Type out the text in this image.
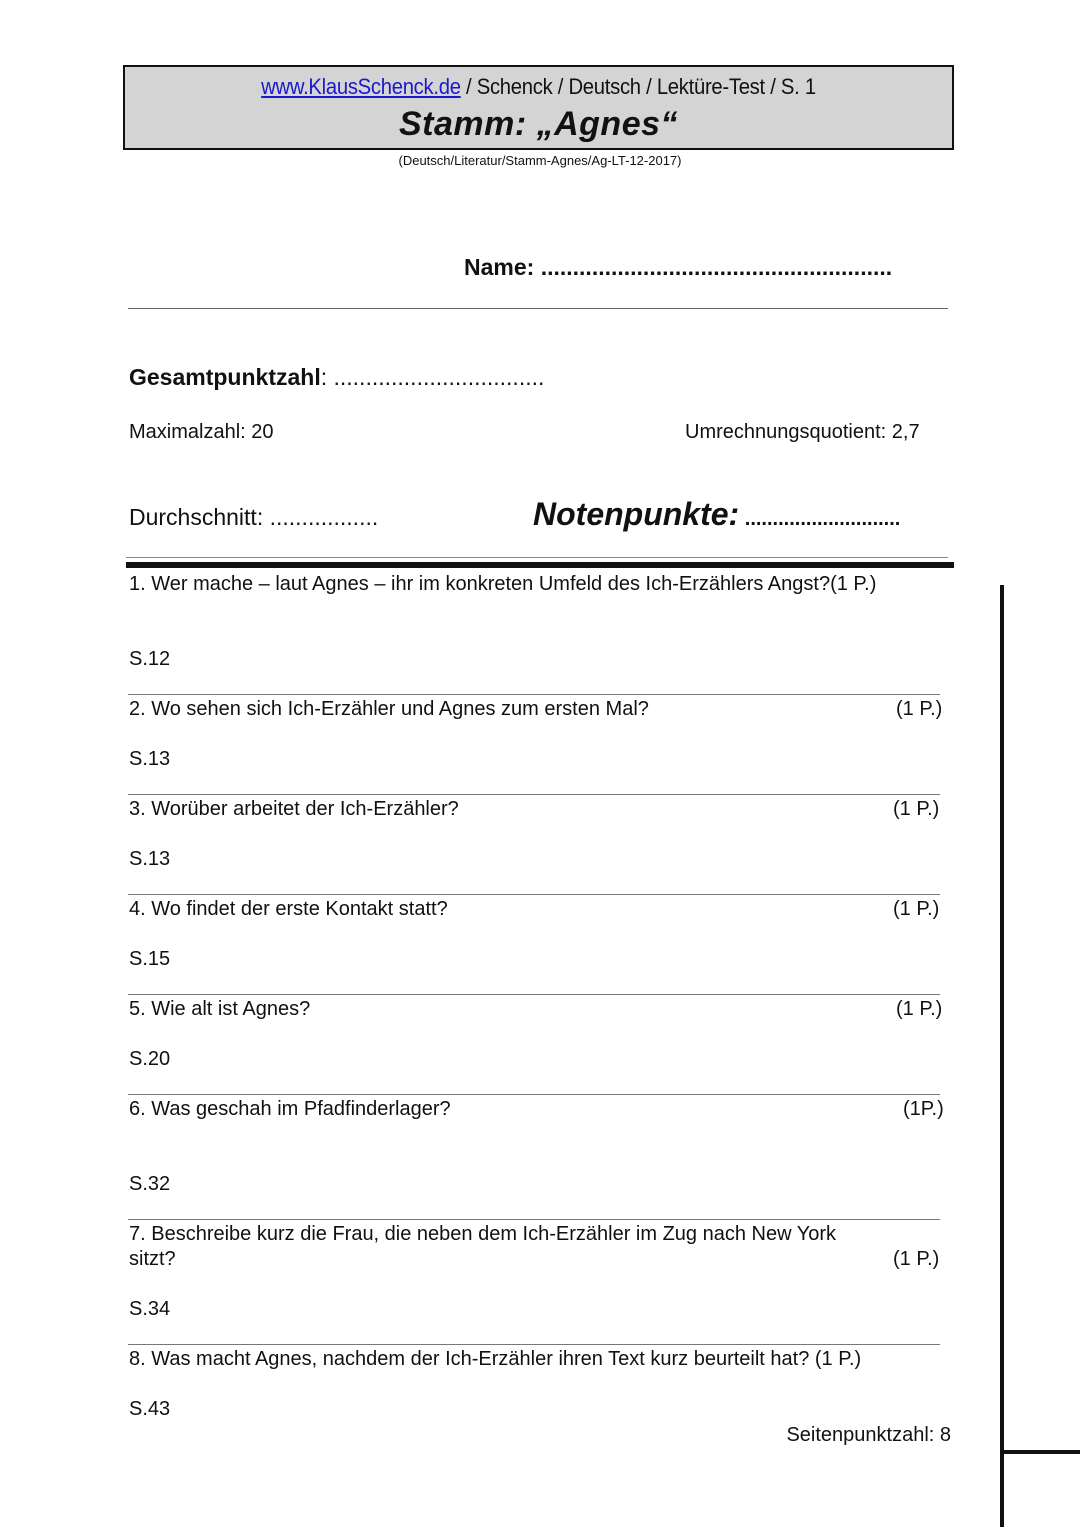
www.KlausSchenck.de / Schenck / Deutsch / Lektüre-Test / S. 1
Stamm: „Agnes“
(Deutsch/Literatur/Stamm-Agnes/Ag-LT-12-2017)
Name: .......................................................
Gesamtpunktzahl: .................................
Maximalzahl: 20	Umrechnungsquotient: 2,7
Durchschnitt: .................	Notenpunkte: ............................
1. Wer mache – laut Agnes – ihr im konkreten Umfeld des Ich-Erzählers Angst?(1 P.)
S.12
2. Wo sehen sich Ich-Erzähler und Agnes zum ersten Mal?	(1 P.)
S.13
3. Worüber arbeitet der Ich-Erzähler?	(1 P.)
S.13
4. Wo findet der erste Kontakt statt?	(1 P.)
S.15
5. Wie alt ist Agnes?	(1 P.)
S.20
6. Was geschah im Pfadfinderlager?	(1P.)
S.32
7. Beschreibe kurz die Frau, die neben dem Ich-Erzähler im Zug nach New York
sitzt?	(1 P.)
S.34
8. Was macht Agnes, nachdem der Ich-Erzähler ihren Text kurz beurteilt hat? (1 P.)
S.43
Seitenpunktzahl: 8
